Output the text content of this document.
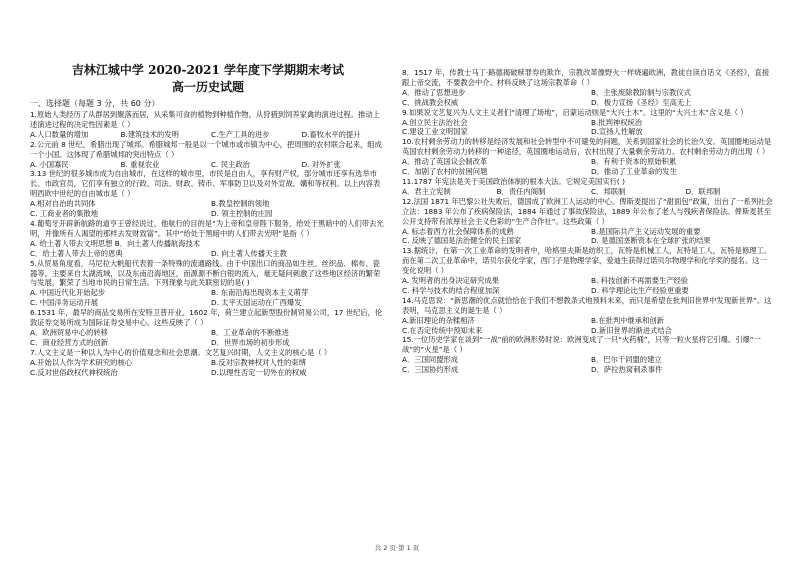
吉林江城中学 2020-2021 学年度下学期期末考试

高一历史试题

一、选择题（每题 3 分，共 60 分）

1.原始人类经历了从群居到聚落而居，从采集可食的植物到种植作物，从狩猎到饲养家禽的演进过程。推动上述演进过程的决定性因素是（ ）

A.人口数量的增加	B.建筑技术的发明	C.生产工具的进步	D.畜牧水平的提升

2.公元前 8 世纪，希腊出现了城邦。希腊城邦一般是以一个城市或市镇为中心，把周围的农村联合起来，组成一个小国。这体现了希腊城邦的突出特点（ ）

A. 小国寡民	B. 重视农业	C. 民主政治	D. 对外扩张

3.13 世纪的很多城市成为自由城市，在这样的城市里，市民是自由人，享有财产权，部分城市还享有选举市长、市政官员，它们享有独立的行政、司法、财政、铸币、军事防卫以及对外宣战、媾和等权利。以上内容表明西欧中世纪的自由城市是（ ）

A.相对自治的共同体	B.教皇控制的领地
C. 工商业者的集散地	D. 领主控制的庄园

4.葡萄牙开辟新航路的道亨王曾经说过，他航行的目的是“为上帝和皇帝陛下服务，给处于黑暗中的人们带去光明，并像所有人渴望的那样去发财致富”。其中“给处于黑暗中的人们带去光明”是指（ ）

A. 给土著人带去文明思想 B．向土著人传播航海技术
C．给土著人带去上帝的恩典	D. 向土著人传播天主教

5.从贸易角度看，马尼拉大帆船代表着一条特殊的流通路线。由于中国出口的商品如生丝、丝织品、棉布、瓷器等，主要来自太湖流域，以及东南沿海地区，而源源不断白银的流入，毫无疑问刺激了这些地区经济的繁荣与发展，繁荣了当地市民的日常生活。下列现象与此关联密切的是( )

A. 中国近代化开始起步	B. 东南沿海出现资本主义萌芽
C. 中国洋务运动开展	D. 太平天国运动在广西爆发

6.1531 年，最早的商品交易所在安特卫普开业，1602 年，荷兰建立起新型股份制贸易公司，17 世纪后，伦敦证券交易所成为国际证券交易中心。这些反映了（ ）

A．欧洲贸易中心的转移	B．工业革命的不断推进
C．商业经营方式的创新	D．世界市场的初步形成

7.人文主义是一种以人为中心的价值观念和社会思潮。文艺复兴时期，人文主义的核心是（ ）

A.开始以人作为学术研究的核心	B.反对宗教神权对人性的束缚
C.反对世俗政权代神权统治	D.以理性否定一切外在的权威

8．1517 年，传教士马丁·路德揭破赎罪券的欺诈，宗教改革像野火一样烧遍欧洲，教徒自读自话文《圣经》，直接跟上帝交流，不要教会中介。材料反映了这场宗教革命（ ）

A．推动了思想进步	B．主张废除教阶制与宗教仪式
C．挑战教会权威	D．极力宣扬《圣经》至高无上

9.如果说文艺复兴为人文主义者们“清理了场地”，启蒙运动则是“大兴土木”。这里的“大兴土木”含义是（ ）

A.创立民主法治社会	B.批判神权统治
C.建设工业文明国家	D.宣扬人性解放

10.农村剩余劳动力的转移是经济发展和社会转型中不可避免的问题，关系到国家社会的长治久安。英国圈地运动是英国农村剩余劳动力转移的一种途径，英国圈地运动后，农村出现了大量剩余劳动力。农村剩余劳动力的出现（ ）

A．推动了英国议会制改革	B．有利于资本的原始积累
C．加剧了农村的贫困问题	D．推动了工业革命的发生

11.1787 年宪法是关于美国政治体制的根本大法。它规定美国实行( )

A．君主立宪制	B．责任内阁制	C．邦联制	D．联邦制

12.法国 1871 年巴黎公社失败后，德国成了欧洲工人运动的中心。俾斯麦提出了“甜面包”政策，出台了一系列社会立法：1883 年公布了疾病保险法，1884 年通过了事故保险法，1889 年公布了老人与残疾者保险法。俾斯麦甚至公开支持带有浓厚社会主义色彩的“生产合作社”。这些政策（ ）

A. 标志着西方社会保障体系的成熟	B.是国际共产主义运动发展的重要
C. 反映了德国是法治健全的民主国家	D. 是德国垄断资本在全球扩张的结果

13.据统计，在第一次工业革命的发明者中，哈格里夫斯是纺织工，瓦特是机械工人，瓦特是工人，瓦特是修理工。而在第二次工业革命中，诺贝尔获化学家，西门子是物理学家，爱迪生获得过诺贝尔物理学和化学奖的提名。这一变化说明（ ）

A. 发明者的出身决定研究成果	B. 科技创新不再需要生产经验
C. 科学与技术的结合程度加深	D. 科学理论比生产经验更重要

14.马克思说：“新思潮的优点就恰恰在于我们不想教条式地预料未来，而只是希望在批判旧世界中发现新世界”。这表明，马克思主义的诞生是（ ）

A.新旧理论的杂糅相济	B.在批判中继承和创新
C.在否定传统中预知未来	D.新旧世界的渐进式结合

15.一位历史学家在谈到“一战”前的欧洲形势时说：欧洲变成了一只“火药桶”，只等一粒火星将它引爆。引爆“一战”的“火星”是（ ）

A．三国同盟形成	B．巴尔干同盟的建立
C．三国协约形成	D．萨拉热窝刺杀事件
共 2 页·第 1 页
